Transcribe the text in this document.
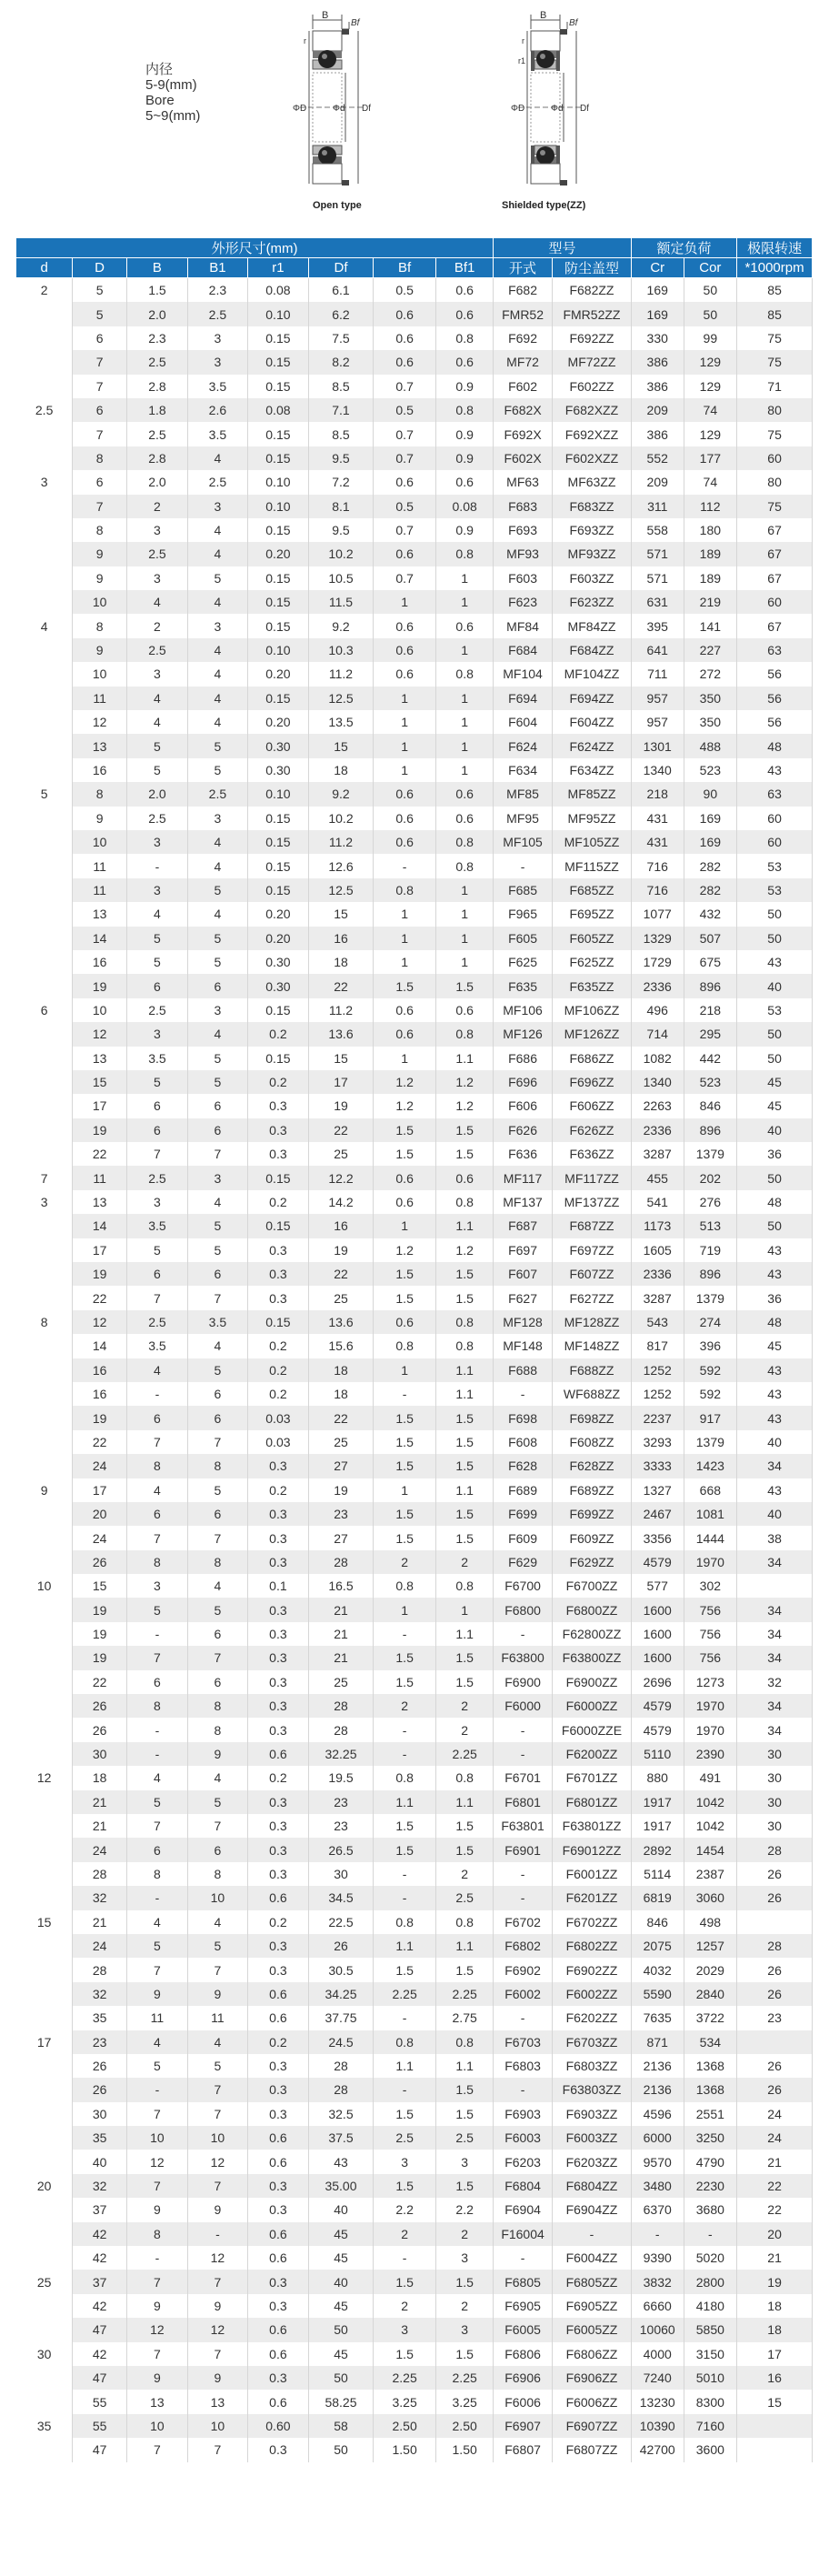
内径
5-9(mm)
Bore
5~9(mm)
B
Bf
r
ΦD	Φd Df
Open type
B
Bf
r
r1
ΦD	Φd Df
Shielded type(ZZ)
外形尺寸(mm)								型号		额定负荷		极限转速
d	D	B	B1	r1	Df	Bf	Bf1	开式	防尘盖型	Cr	Cor	*1000rpm
2	5	1.5	2.3	0.08	6.1	0.5	0.6	F682	F682ZZ	169	50	85
	5	2.0	2.5	0.10	6.2	0.6	0.6	FMR52	FMR52ZZ	169	50	85
	6	2.3	3	0.15	7.5	0.6	0.8	F692	F692ZZ	330	99	75
	7	2.5	3	0.15	8.2	0.6	0.6	MF72	MF72ZZ	386	129	75
	7	2.8	3.5	0.15	8.5	0.7	0.9	F602	F602ZZ	386	129	71
2.5	6	1.8	2.6	0.08	7.1	0.5	0.8	F682X	F682XZZ	209	74	80
	7	2.5	3.5	0.15	8.5	0.7	0.9	F692X	F692XZZ	386	129	75
	8	2.8	4	0.15	9.5	0.7	0.9	F602X	F602XZZ	552	177	60
3	6	2.0	2.5	0.10	7.2	0.6	0.6	MF63	MF63ZZ	209	74	80
	7	2	3	0.10	8.1	0.5	0.08	F683	F683ZZ	311	112	75
	8	3	4	0.15	9.5	0.7	0.9	F693	F693ZZ	558	180	67
	9	2.5	4	0.20	10.2	0.6	0.8	MF93	MF93ZZ	571	189	67
	9	3	5	0.15	10.5	0.7	1	F603	F603ZZ	571	189	67
	10	4	4	0.15	11.5	1	1	F623	F623ZZ	631	219	60
4	8	2	3	0.15	9.2	0.6	0.6	MF84	MF84ZZ	395	141	67
	9	2.5	4	0.10	10.3	0.6	1	F684	F684ZZ	641	227	63
	10	3	4	0.20	11.2	0.6	0.8	MF104	MF104ZZ	711	272	56
	11	4	4	0.15	12.5	1	1	F694	F694ZZ	957	350	56
	12	4	4	0.20	13.5	1	1	F604	F604ZZ	957	350	56
	13	5	5	0.30	15	1	1	F624	F624ZZ	1301	488	48
	16	5	5	0.30	18	1	1	F634	F634ZZ	1340	523	43
5	8	2.0	2.5	0.10	9.2	0.6	0.6	MF85	MF85ZZ	218	90	63
	9	2.5	3	0.15	10.2	0.6	0.6	MF95	MF95ZZ	431	169	60
	10	3	4	0.15	11.2	0.6	0.8	MF105	MF105ZZ	431	169	60
	11	-	4	0.15	12.6	-	0.8	-	MF115ZZ	716	282	53
	11	3	5	0.15	12.5	0.8	1	F685	F685ZZ	716	282	53
	13	4	4	0.20	15	1	1	F965	F695ZZ	1077	432	50
	14	5	5	0.20	16	1	1	F605	F605ZZ	1329	507	50
	16	5	5	0.30	18	1	1	F625	F625ZZ	1729	675	43
	19	6	6	0.30	22	1.5	1.5	F635	F635ZZ	2336	896	40
6	10	2.5	3	0.15	11.2	0.6	0.6	MF106	MF106ZZ	496	218	53
	12	3	4	0.2	13.6	0.6	0.8	MF126	MF126ZZ	714	295	50
	13	3.5	5	0.15	15	1	1.1	F686	F686ZZ	1082	442	50
	15	5	5	0.2	17	1.2	1.2	F696	F696ZZ	1340	523	45
	17	6	6	0.3	19	1.2	1.2	F606	F606ZZ	2263	846	45
	19	6	6	0.3	22	1.5	1.5	F626	F626ZZ	2336	896	40
	22	7	7	0.3	25	1.5	1.5	F636	F636ZZ	3287	1379	36
7	11	2.5	3	0.15	12.2	0.6	0.6	MF117	MF117ZZ	455	202	50
3	13	3	4	0.2	14.2	0.6	0.8	MF137	MF137ZZ	541	276	48
	14	3.5	5	0.15	16	1	1.1	F687	F687ZZ	1173	513	50
	17	5	5	0.3	19	1.2	1.2	F697	F697ZZ	1605	719	43
	19	6	6	0.3	22	1.5	1.5	F607	F607ZZ	2336	896	43
	22	7	7	0.3	25	1.5	1.5	F627	F627ZZ	3287	1379	36
8	12	2.5	3.5	0.15	13.6	0.6	0.8	MF128	MF128ZZ	543	274	48
	14	3.5	4	0.2	15.6	0.8	0.8	MF148	MF148ZZ	817	396	45
	16	4	5	0.2	18	1	1.1	F688	F688ZZ	1252	592	43
	16	-	6	0.2	18	-	1.1	-	WF688ZZ	1252	592	43
	19	6	6	0.03	22	1.5	1.5	F698	F698ZZ	2237	917	43
	22	7	7	0.03	25	1.5	1.5	F608	F608ZZ	3293	1379	40
	24	8	8	0.3	27	1.5	1.5	F628	F628ZZ	3333	1423	34
9	17	4	5	0.2	19	1	1.1	F689	F689ZZ	1327	668	43
	20	6	6	0.3	23	1.5	1.5	F699	F699ZZ	2467	1081	40
	24	7	7	0.3	27	1.5	1.5	F609	F609ZZ	3356	1444	38
	26	8	8	0.3	28	2	2	F629	F629ZZ	4579	1970	34
10	15	3	4	0.1	16.5	0.8	0.8	F6700	F6700ZZ	577	302	
	19	5	5	0.3	21	1	1	F6800	F6800ZZ	1600	756	34
	19	-	6	0.3	21	-	1.1	-	F62800ZZ	1600	756	34
	19	7	7	0.3	21	1.5	1.5	F63800	F63800ZZ	1600	756	34
	22	6	6	0.3	25	1.5	1.5	F6900	F6900ZZ	2696	1273	32
	26	8	8	0.3	28	2	2	F6000	F6000ZZ	4579	1970	34
	26	-	8	0.3	28	-	2	-	F6000ZZE	4579	1970	34
	30	-	9	0.6	32.25	-	2.25	-	F6200ZZ	5110	2390	30
12	18	4	4	0.2	19.5	0.8	0.8	F6701	F6701ZZ	880	491	30
	21	5	5	0.3	23	1.1	1.1	F6801	F6801ZZ	1917	1042	30
	21	7	7	0.3	23	1.5	1.5	F63801	F63801ZZ	1917	1042	30
	24	6	6	0.3	26.5	1.5	1.5	F6901	F69012ZZ	2892	1454	28
	28	8	8	0.3	30	-	2	-	F6001ZZ	5114	2387	26
	32	-	10	0.6	34.5	-	2.5	-	F6201ZZ	6819	3060	26
15	21	4	4	0.2	22.5	0.8	0.8	F6702	F6702ZZ	846	498	
	24	5	5	0.3	26	1.1	1.1	F6802	F6802ZZ	2075	1257	28
	28	7	7	0.3	30.5	1.5	1.5	F6902	F6902ZZ	4032	2029	26
	32	9	9	0.6	34.25	2.25	2.25	F6002	F6002ZZ	5590	2840	26
	35	11	11	0.6	37.75	-	2.75	-	F6202ZZ	7635	3722	23
17	23	4	4	0.2	24.5	0.8	0.8	F6703	F6703ZZ	871	534	
	26	5	5	0.3	28	1.1	1.1	F6803	F6803ZZ	2136	1368	26
	26	-	7	0.3	28	-	1.5	-	F63803ZZ	2136	1368	26
	30	7	7	0.3	32.5	1.5	1.5	F6903	F6903ZZ	4596	2551	24
	35	10	10	0.6	37.5	2.5	2.5	F6003	F6003ZZ	6000	3250	24
	40	12	12	0.6	43	3	3	F6203	F6203ZZ	9570	4790	21
20	32	7	7	0.3	35.00	1.5	1.5	F6804	F6804ZZ	3480	2230	22
	37	9	9	0.3	40	2.2	2.2	F6904	F6904ZZ	6370	3680	22
	42	8	-	0.6	45	2	2	F16004	-	-	-	20
	42	-	12	0.6	45	-	3	-	F6004ZZ	9390	5020	21
25	37	7	7	0.3	40	1.5	1.5	F6805	F6805ZZ	3832	2800	19
	42	9	9	0.3	45	2	2	F6905	F6905ZZ	6660	4180	18
	47	12	12	0.6	50	3	3	F6005	F6005ZZ	10060	5850	18
30	42	7	7	0.6	45	1.5	1.5	F6806	F6806ZZ	4000	3150	17
	47	9	9	0.3	50	2.25	2.25	F6906	F6906ZZ	7240	5010	16
	55	13	13	0.6	58.25	3.25	3.25	F6006	F6006ZZ	13230	8300	15
35	55	10	10	0.60	58	2.50	2.50	F6907	F6907ZZ	10390	7160	
	47	7	7	0.3	50	1.50	1.50	F6807	F6807ZZ	42700	3600	
